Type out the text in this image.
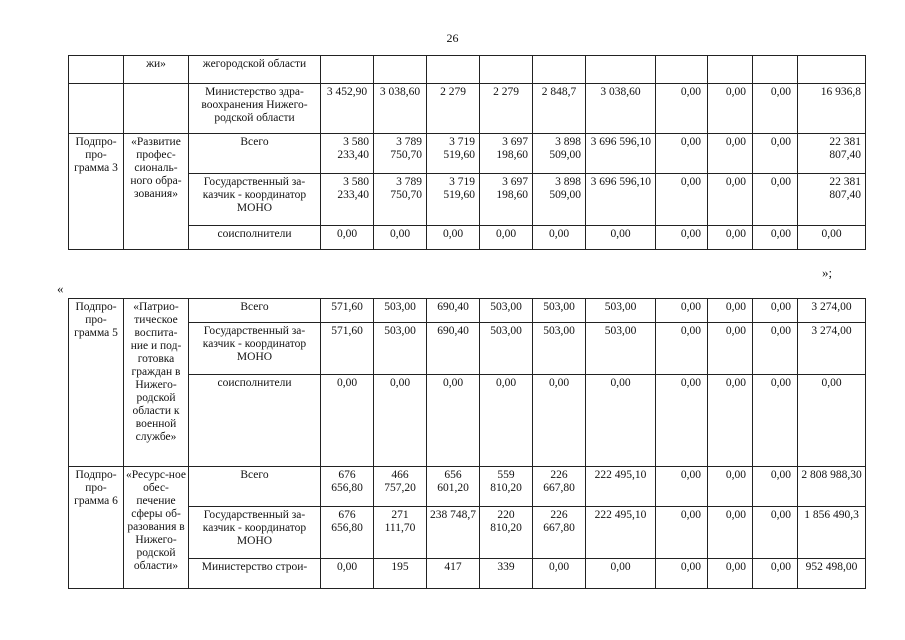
26
	жи»	жегородской области										
		Министерство здра-воохранения Нижего-родской области	3 452,90	3 038,60	2 279	2 279	2 848,7	3 038,60	0,00	0,00	0,00	16 936,8
Подпро-про-грамма 3	«Развитие профес-сиональ-ного обра-зования»	Всего	3 580 233,40	3 789 750,70	3 719 519,60	3 697 198,60	3 898 509,00	3 696 596,10	0,00	0,00	0,00	22 381 807,40
		Государственный за-казчик - координатор МОНО	3 580 233,40	3 789 750,70	3 719 519,60	3 697 198,60	3 898 509,00	3 696 596,10	0,00	0,00	0,00	22 381 807,40
		соисполнители	0,00	0,00	0,00	0,00	0,00	0,00	0,00	0,00	0,00	0,00
»;
«
Подпро-про-грамма 5	«Патрио-тическое воспита-ние и под-готовка граждан в Нижего-родской области к военной службе»	Всего	571,60	503,00	690,40	503,00	503,00	503,00	0,00	0,00	0,00	3 274,00
		Государственный за-казчик - координатор МОНО	571,60	503,00	690,40	503,00	503,00	503,00	0,00	0,00	0,00	3 274,00
		соисполнители	0,00	0,00	0,00	0,00	0,00	0,00	0,00	0,00	0,00	0,00
Подпро-про-грамма 6	«Ресурс-ное обес-печение сферы об-разования в Нижего-родской области»	Всего	676 656,80	466 757,20	656 601,20	559 810,20	226 667,80	222 495,10	0,00	0,00	0,00	2 808 988,30
		Государственный за-казчик - координатор МОНО	676 656,80	271 111,70	238 748,7	220 810,20	226 667,80	222 495,10	0,00	0,00	0,00	1 856 490,3
		Министерство строи-	0,00	195	417	339	0,00	0,00	0,00	0,00	0,00	952 498,00
